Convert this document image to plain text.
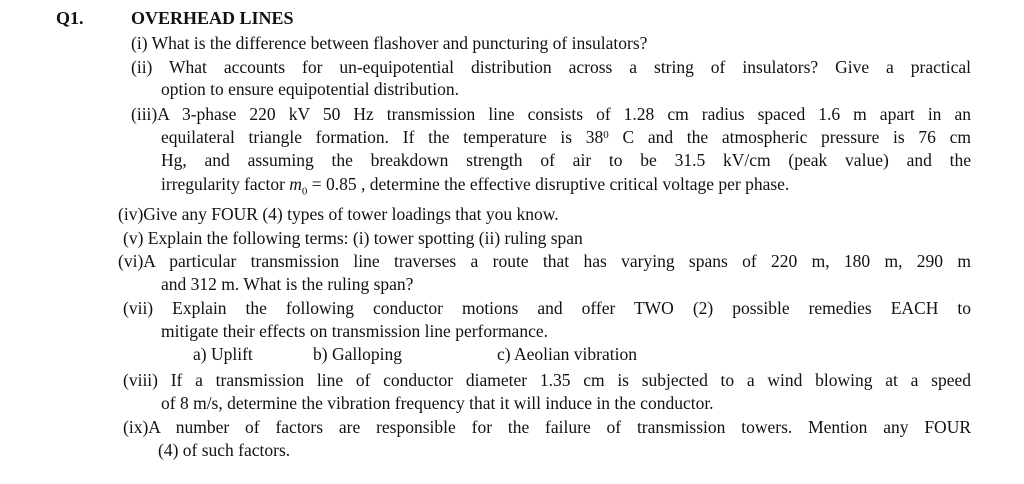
Q1.	OVERHEAD LINES
(i) What is the difference between flashover and puncturing of insulators?
(ii) What accounts for un-equipotential distribution across a string of insulators? Give a practical
option to ensure equipotential distribution.
(iii)A 3-phase 220 kV 50 Hz transmission line consists of 1.28 cm radius spaced 1.6 m apart in an
equilateral triangle formation. If the temperature is $38^0$ C and the atmospheric pressure is 76 cm
Hg, and assuming the breakdown strength of air to be 31.5 kV/cm (peak value) and the
irregularity factor $m_0 = 0.85$ , determine the effective disruptive critical voltage per phase.
(iv)Give any FOUR (4) types of tower loadings that you know.
(v) Explain the following terms: (i) tower spotting (ii) ruling span
(vi)A particular transmission line traverses a route that has varying spans of 220 m, 180 m, 290 m
and 312 m. What is the ruling span?
(vii) Explain the following conductor motions and offer TWO (2) possible remedies EACH to
mitigate their effects on transmission line performance.
a) Uplift	b) Galloping	c) Aeolian vibration
(viii) If a transmission line of conductor diameter 1.35 cm is subjected to a wind blowing at a speed
of 8 m/s, determine the vibration frequency that it will induce in the conductor.
(ix)A number of factors are responsible for the failure of transmission towers. Mention any FOUR
(4) of such factors.
